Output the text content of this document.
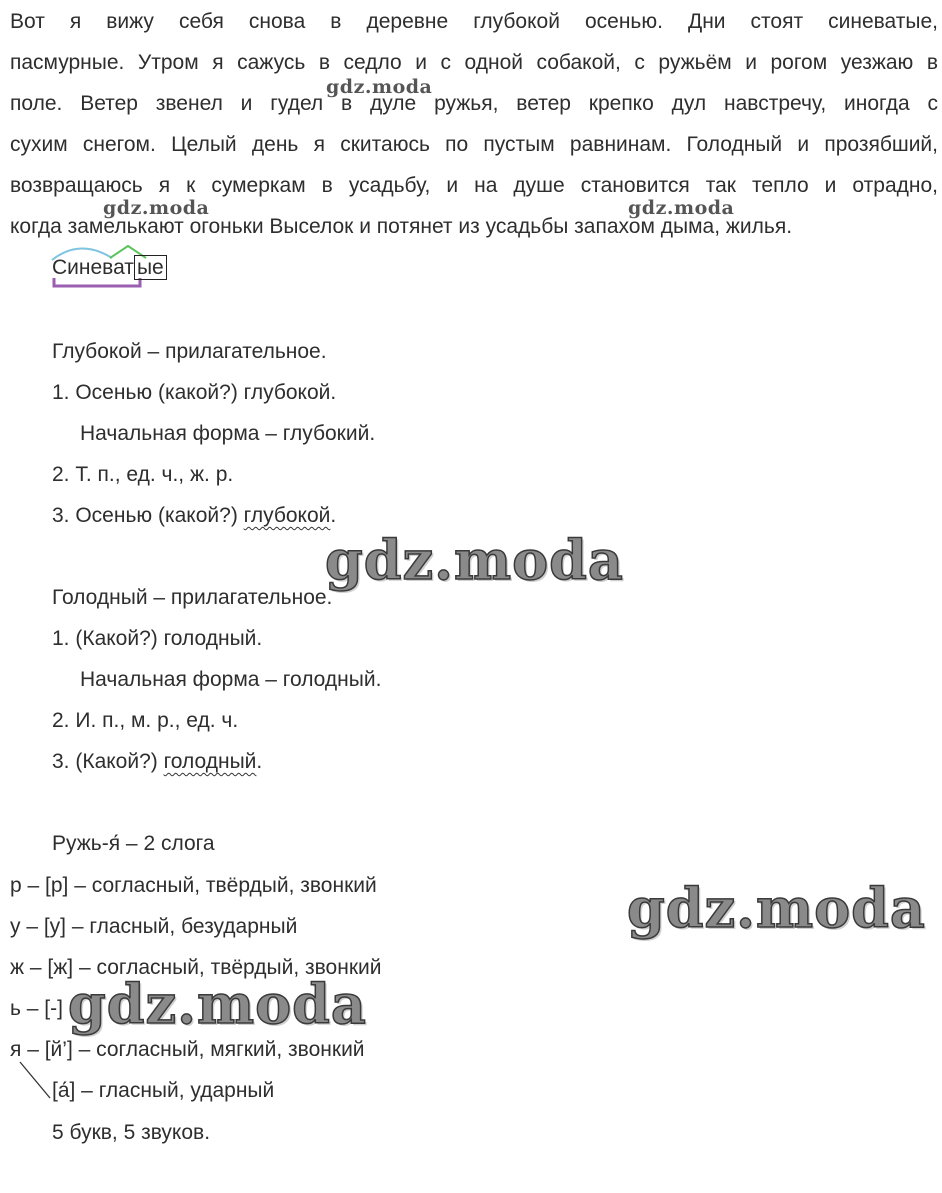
Вот я вижу себя снова в деревне глубокой осенью. Дни стоят синеватые,
пасмурные. Утром я сажусь в седло и с одной собакой, с ружьём и рогом уезжаю в
поле. Ветер звенел и гудел в дуле ружья, ветер крепко дул навстречу, иногда с
сухим снегом. Целый день я скитаюсь по пустым равнинам. Голодный и прозябший,
возвращаюсь я к сумеркам в усадьбу, и на душе становится так тепло и отрадно,
когда замелькают огоньки Выселок и потянет из усадьбы запахом дыма, жилья.
gdz.moda
gdz.moda	gdz.moda
Синеват ые
Глубокой – прилагательное.
1. Осенью (какой?) глубокой.
Начальная форма – глубокий.
2. Т. п., ед. ч., ж. р.
3. Осенью (какой?) глубокой.
gdz.moda
Голодный – прилагательное.
1. (Какой?) голодный.
Начальная форма – голодный.
2. И. п., м. р., ед. ч.
3. (Какой?) голодный.
Ружь-я́ – 2 слога
р – [р] – согласный, твёрдый, звонкий
у – [у] – гласный, безударный
ж – [ж] – согласный, твёрдый, звонкий
ь – [-]
я – [й’] – согласный, мягкий, звонкий
[а́] – гласный, ударный
5 букв, 5 звуков.
gdz.moda
gdz.moda
